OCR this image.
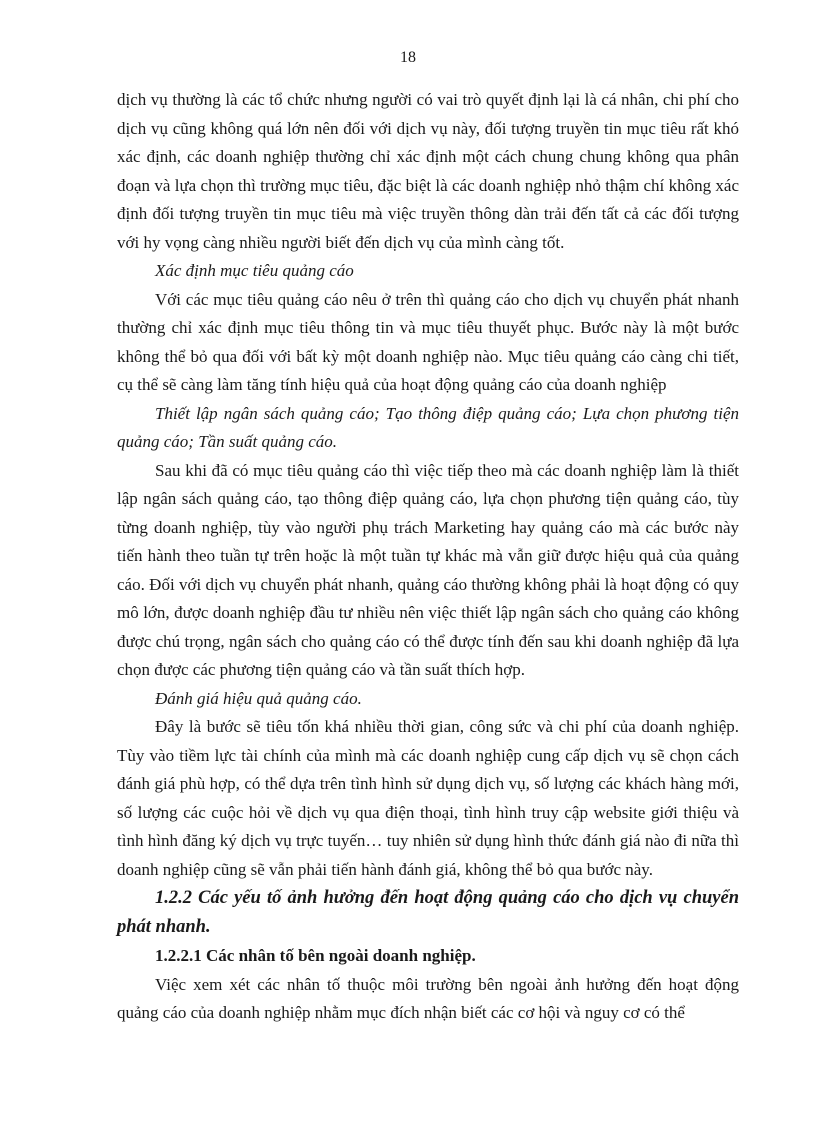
18

dịch vụ thường là các tổ chức nhưng người có vai trò quyết định lại là cá nhân, chi phí cho dịch vụ cũng không quá lớn nên đối với dịch vụ này, đối tượng truyền tin mục tiêu rất khó xác định, các doanh nghiệp thường chỉ xác định một cách chung chung không qua phân đoạn và lựa chọn thì trường mục tiêu, đặc biệt là các doanh nghiệp nhỏ thậm chí không xác định đối tượng truyền tin mục tiêu mà việc truyền thông dàn trải đến tất cả các đối tượng với hy vọng càng nhiều người biết đến dịch vụ của mình càng tốt.

Xác định mục tiêu quảng cáo

Với các mục tiêu quảng cáo nêu ở trên thì quảng cáo cho dịch vụ chuyển phát nhanh thường chỉ xác định mục tiêu thông tin và mục tiêu thuyết phục. Bước này là một bước không thể bỏ qua đối với bất kỳ một doanh nghiệp nào. Mục tiêu quảng cáo càng chi tiết, cụ thể sẽ càng làm tăng tính hiệu quả của hoạt động quảng cáo của doanh nghiệp

Thiết lập ngân sách quảng cáo; Tạo thông điệp quảng cáo; Lựa chọn phương tiện quảng cáo; Tần suất quảng cáo.

Sau khi đã có mục tiêu quảng cáo thì việc tiếp theo mà các doanh nghiệp làm là thiết lập ngân sách quảng cáo, tạo thông điệp quảng cáo, lựa chọn phương tiện quảng cáo, tùy từng doanh nghiệp, tùy vào người phụ trách Marketing hay quảng cáo mà các bước này tiến hành theo tuần tự trên hoặc là một tuần tự khác mà vẫn giữ được hiệu quả của quảng cáo. Đối với dịch vụ chuyển phát nhanh, quảng cáo thường không phải là hoạt động có quy mô lớn, được doanh nghiệp đầu tư nhiều nên việc thiết lập ngân sách cho quảng cáo không được chú trọng, ngân sách cho quảng cáo có thể được tính đến sau khi doanh nghiệp đã lựa chọn được các phương tiện quảng cáo và tần suất thích hợp.

Đánh giá hiệu quả quảng cáo.

Đây là bước sẽ tiêu tốn khá nhiều thời gian, công sức và chi phí của doanh nghiệp. Tùy vào tiềm lực tài chính của mình mà các doanh nghiệp cung cấp dịch vụ sẽ chọn cách đánh giá phù hợp, có thể dựa trên tình hình sử dụng dịch vụ, số lượng các khách hàng mới, số lượng các cuộc hỏi về dịch vụ qua điện thoại, tình hình truy cập website giới thiệu và tình hình đăng ký dịch vụ trực tuyến… tuy nhiên sử dụng hình thức đánh giá nào đi nữa thì doanh nghiệp cũng sẽ vẫn phải tiến hành đánh giá, không thể bỏ qua bước này.

1.2.2 Các yếu tố ảnh hưởng đến hoạt động quảng cáo cho dịch vụ chuyển phát nhanh.

1.2.2.1 Các nhân tố bên ngoài doanh nghiệp.

Việc xem xét các nhân tố thuộc môi trường bên ngoài ảnh hưởng đến hoạt động quảng cáo của doanh nghiệp nhằm mục đích nhận biết các cơ hội và nguy cơ có thể
